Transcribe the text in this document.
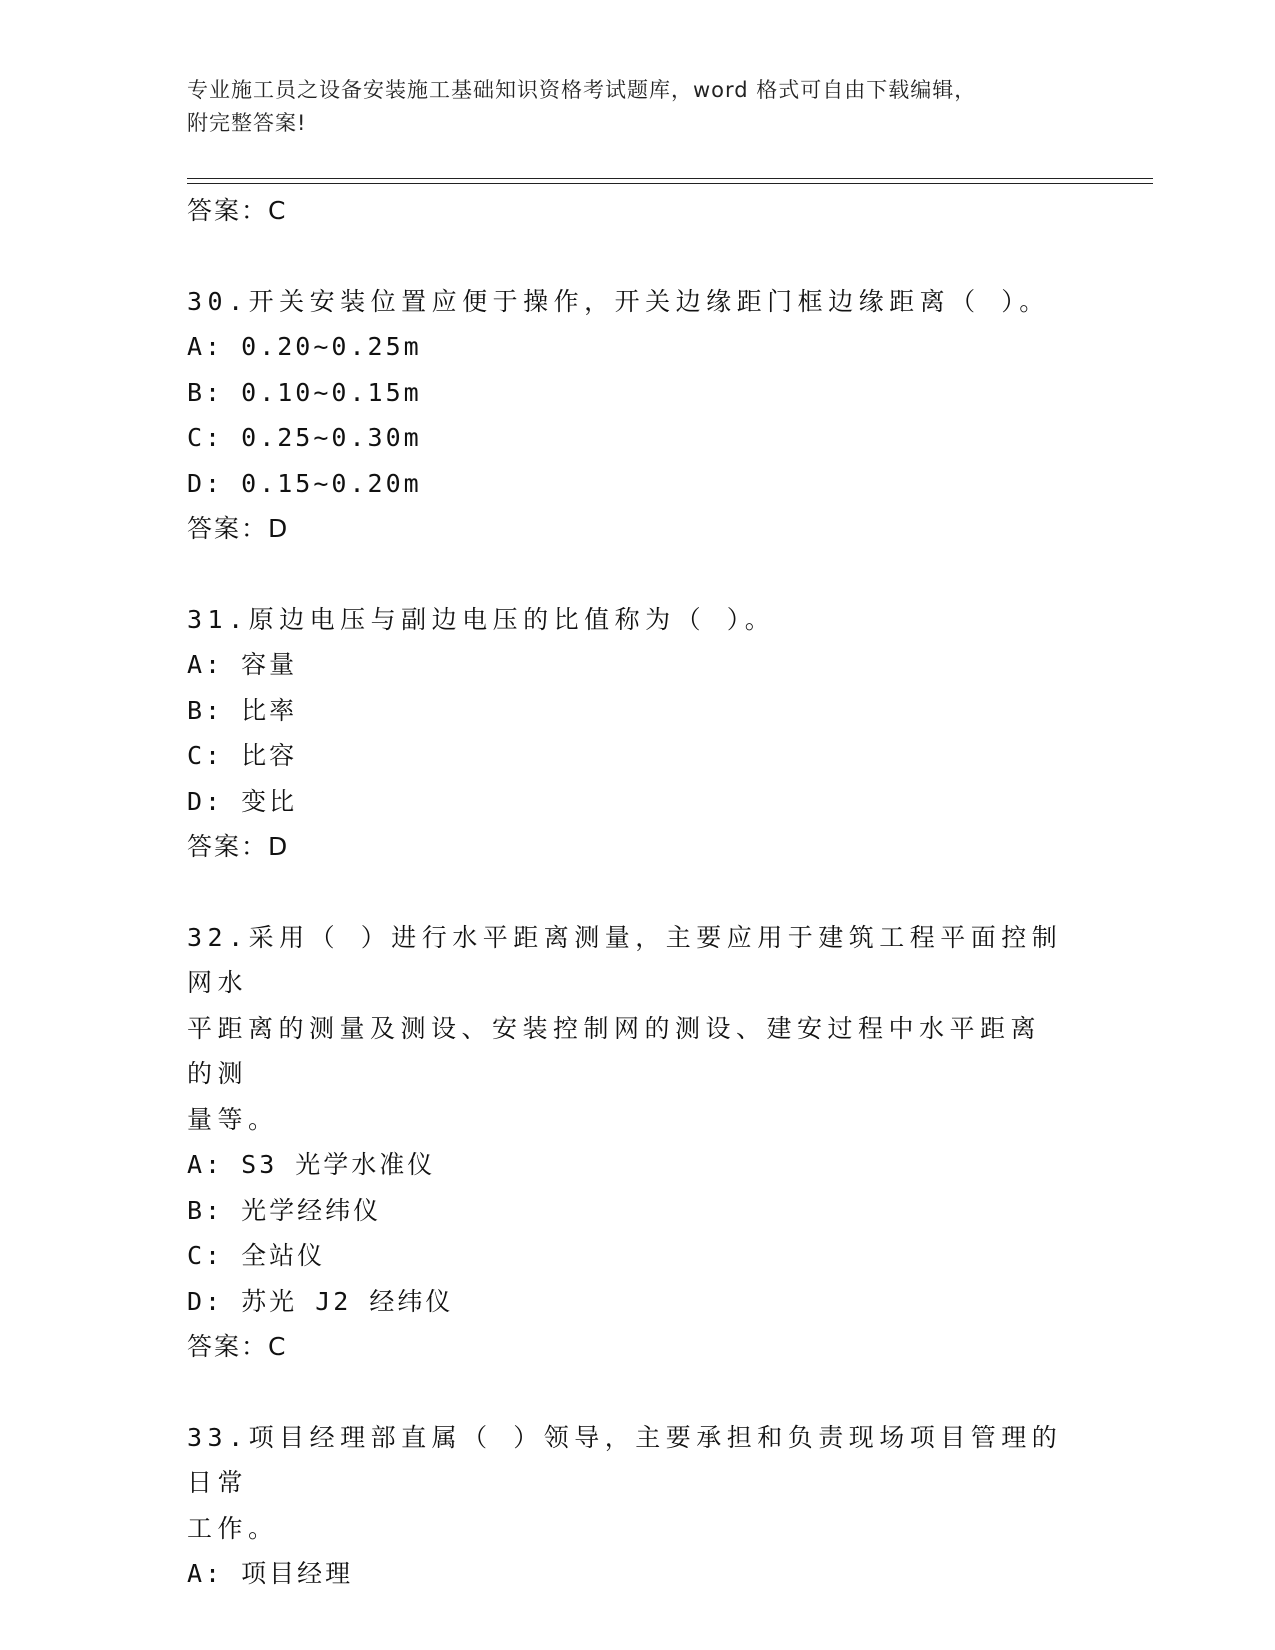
专业施工员之设备安装施工基础知识资格考试题库，word 格式可自由下载编辑，
附完整答案!
答案：C
30.开关安装位置应便于操作，开关边缘距门框边缘距离（ ）。
A: 0.20~0.25m
B: 0.10~0.15m
C: 0.25~0.30m
D: 0.15~0.20m
答案：D
31.原边电压与副边电压的比值称为（ ）。
A: 容量
B: 比率
C: 比容
D: 变比
答案：D
32.采用（ ）进行水平距离测量，主要应用于建筑工程平面控制网水
平距离的测量及测设、安装控制网的测设、建安过程中水平距离的测
量等。
A: S3 光学水准仪
B: 光学经纬仪
C: 全站仪
D: 苏光 J2 经纬仪
答案：C
33.项目经理部直属（ ）领导，主要承担和负责现场项目管理的日常
工作。
A: 项目经理
